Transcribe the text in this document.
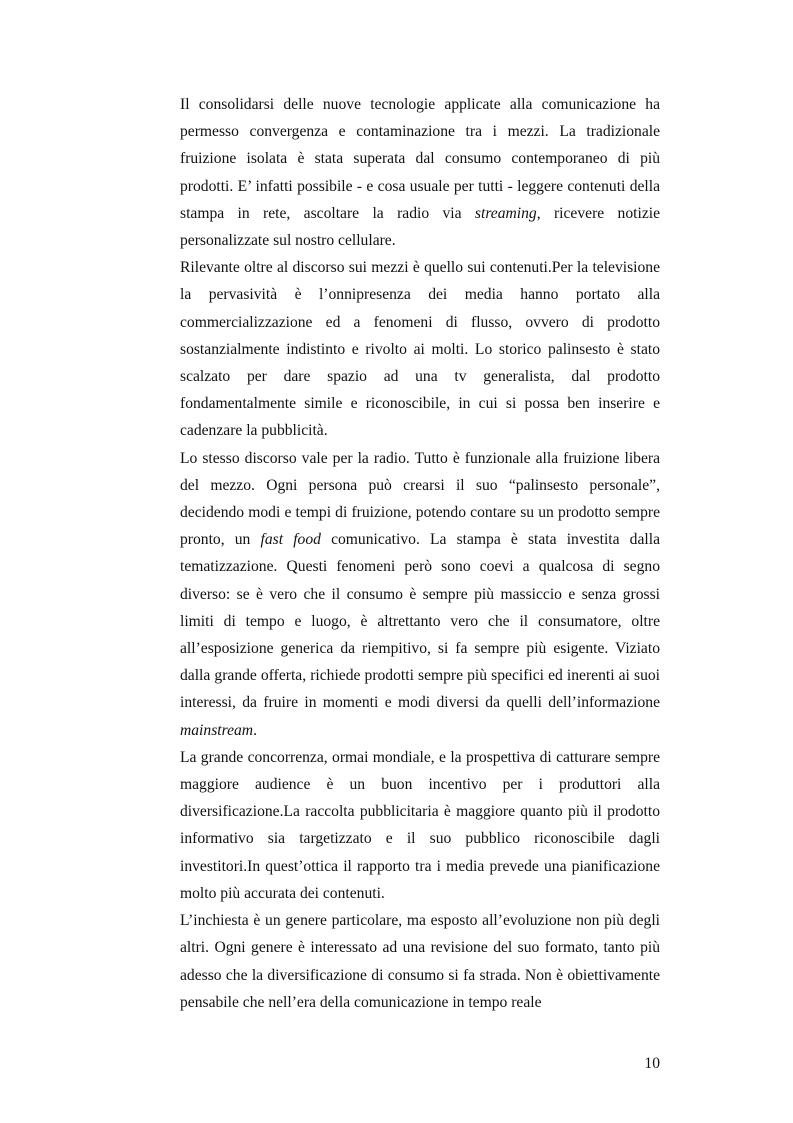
Il consolidarsi delle nuove tecnologie applicate alla comunicazione ha permesso convergenza e contaminazione tra i mezzi. La tradizionale fruizione isolata è stata superata dal consumo contemporaneo di più prodotti. E’ infatti possibile - e cosa usuale per tutti - leggere contenuti della stampa in rete, ascoltare la radio via streaming, ricevere notizie personalizzate sul nostro cellulare.

Rilevante oltre al discorso sui mezzi è quello sui contenuti.Per la televisione la pervasività è l’onnipresenza dei media hanno portato alla commercializzazione ed a fenomeni di flusso, ovvero di prodotto sostanzialmente indistinto e rivolto ai molti. Lo storico palinsesto è stato scalzato per dare spazio ad una tv generalista, dal prodotto fondamentalmente simile e riconoscibile, in cui si possa ben inserire e cadenzare la pubblicità.

Lo stesso discorso vale per la radio. Tutto è funzionale alla fruizione libera del mezzo. Ogni persona può crearsi il suo “palinsesto personale”, decidendo modi e tempi di fruizione, potendo contare su un prodotto sempre pronto, un fast food comunicativo. La stampa è stata investita dalla tematizzazione. Questi fenomeni però sono coevi a qualcosa di segno diverso: se è vero che il consumo è sempre più massiccio e senza grossi limiti di tempo e luogo, è altrettanto vero che il consumatore, oltre all’esposizione generica da riempitivo, si fa sempre più esigente. Viziato dalla grande offerta, richiede prodotti sempre più specifici ed inerenti ai suoi interessi, da fruire in momenti e modi diversi da quelli dell’informazione mainstream.

La grande concorrenza, ormai mondiale, e la prospettiva di catturare sempre maggiore audience è un buon incentivo per i produttori alla diversificazione.La raccolta pubblicitaria è maggiore quanto più il prodotto informativo sia targetizzato e il suo pubblico riconoscibile dagli investitori.In quest’ottica il rapporto tra i media prevede una pianificazione molto più accurata dei contenuti.

L’inchiesta è un genere particolare, ma esposto all’evoluzione non più degli altri. Ogni genere è interessato ad una revisione del suo formato, tanto più adesso che la diversificazione di consumo si fa strada. Non è obiettivamente pensabile che nell’era della comunicazione in tempo reale

10
